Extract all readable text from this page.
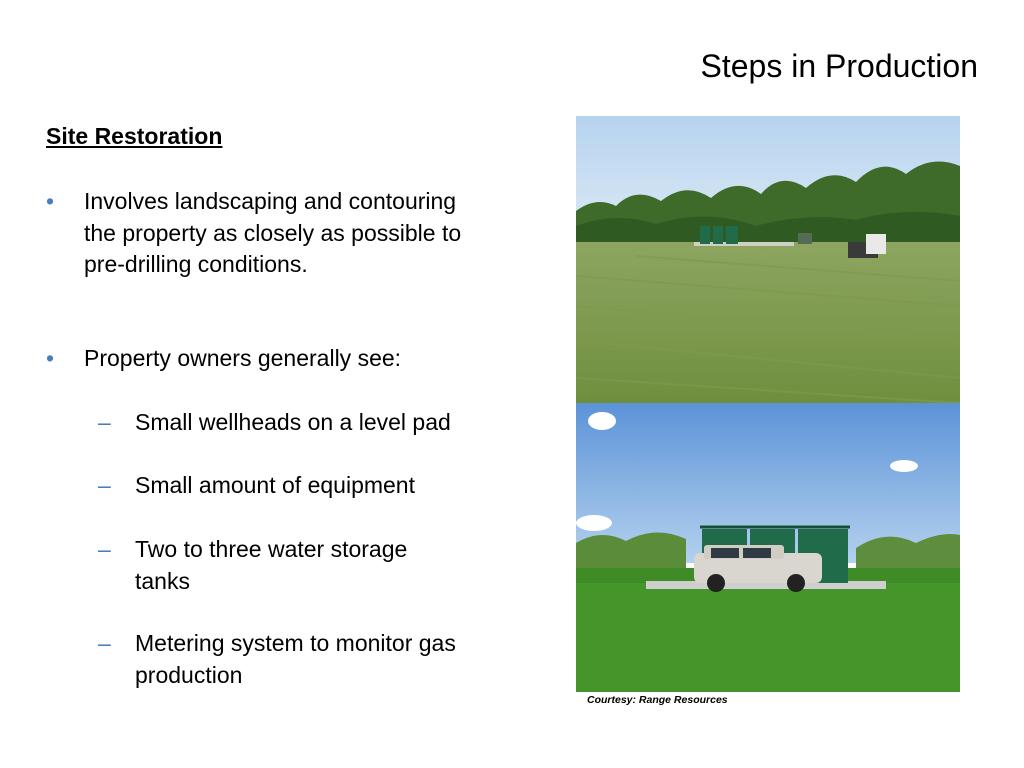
Steps in Production
Site Restoration
• Involves landscaping and contouring the property as closely as possible to pre-drilling conditions.
• Property owners generally see:
– Small wellheads on a level pad
– Small amount of equipment
– Two to three water storage tanks
– Metering system to monitor gas production
Courtesy: Range Resources
